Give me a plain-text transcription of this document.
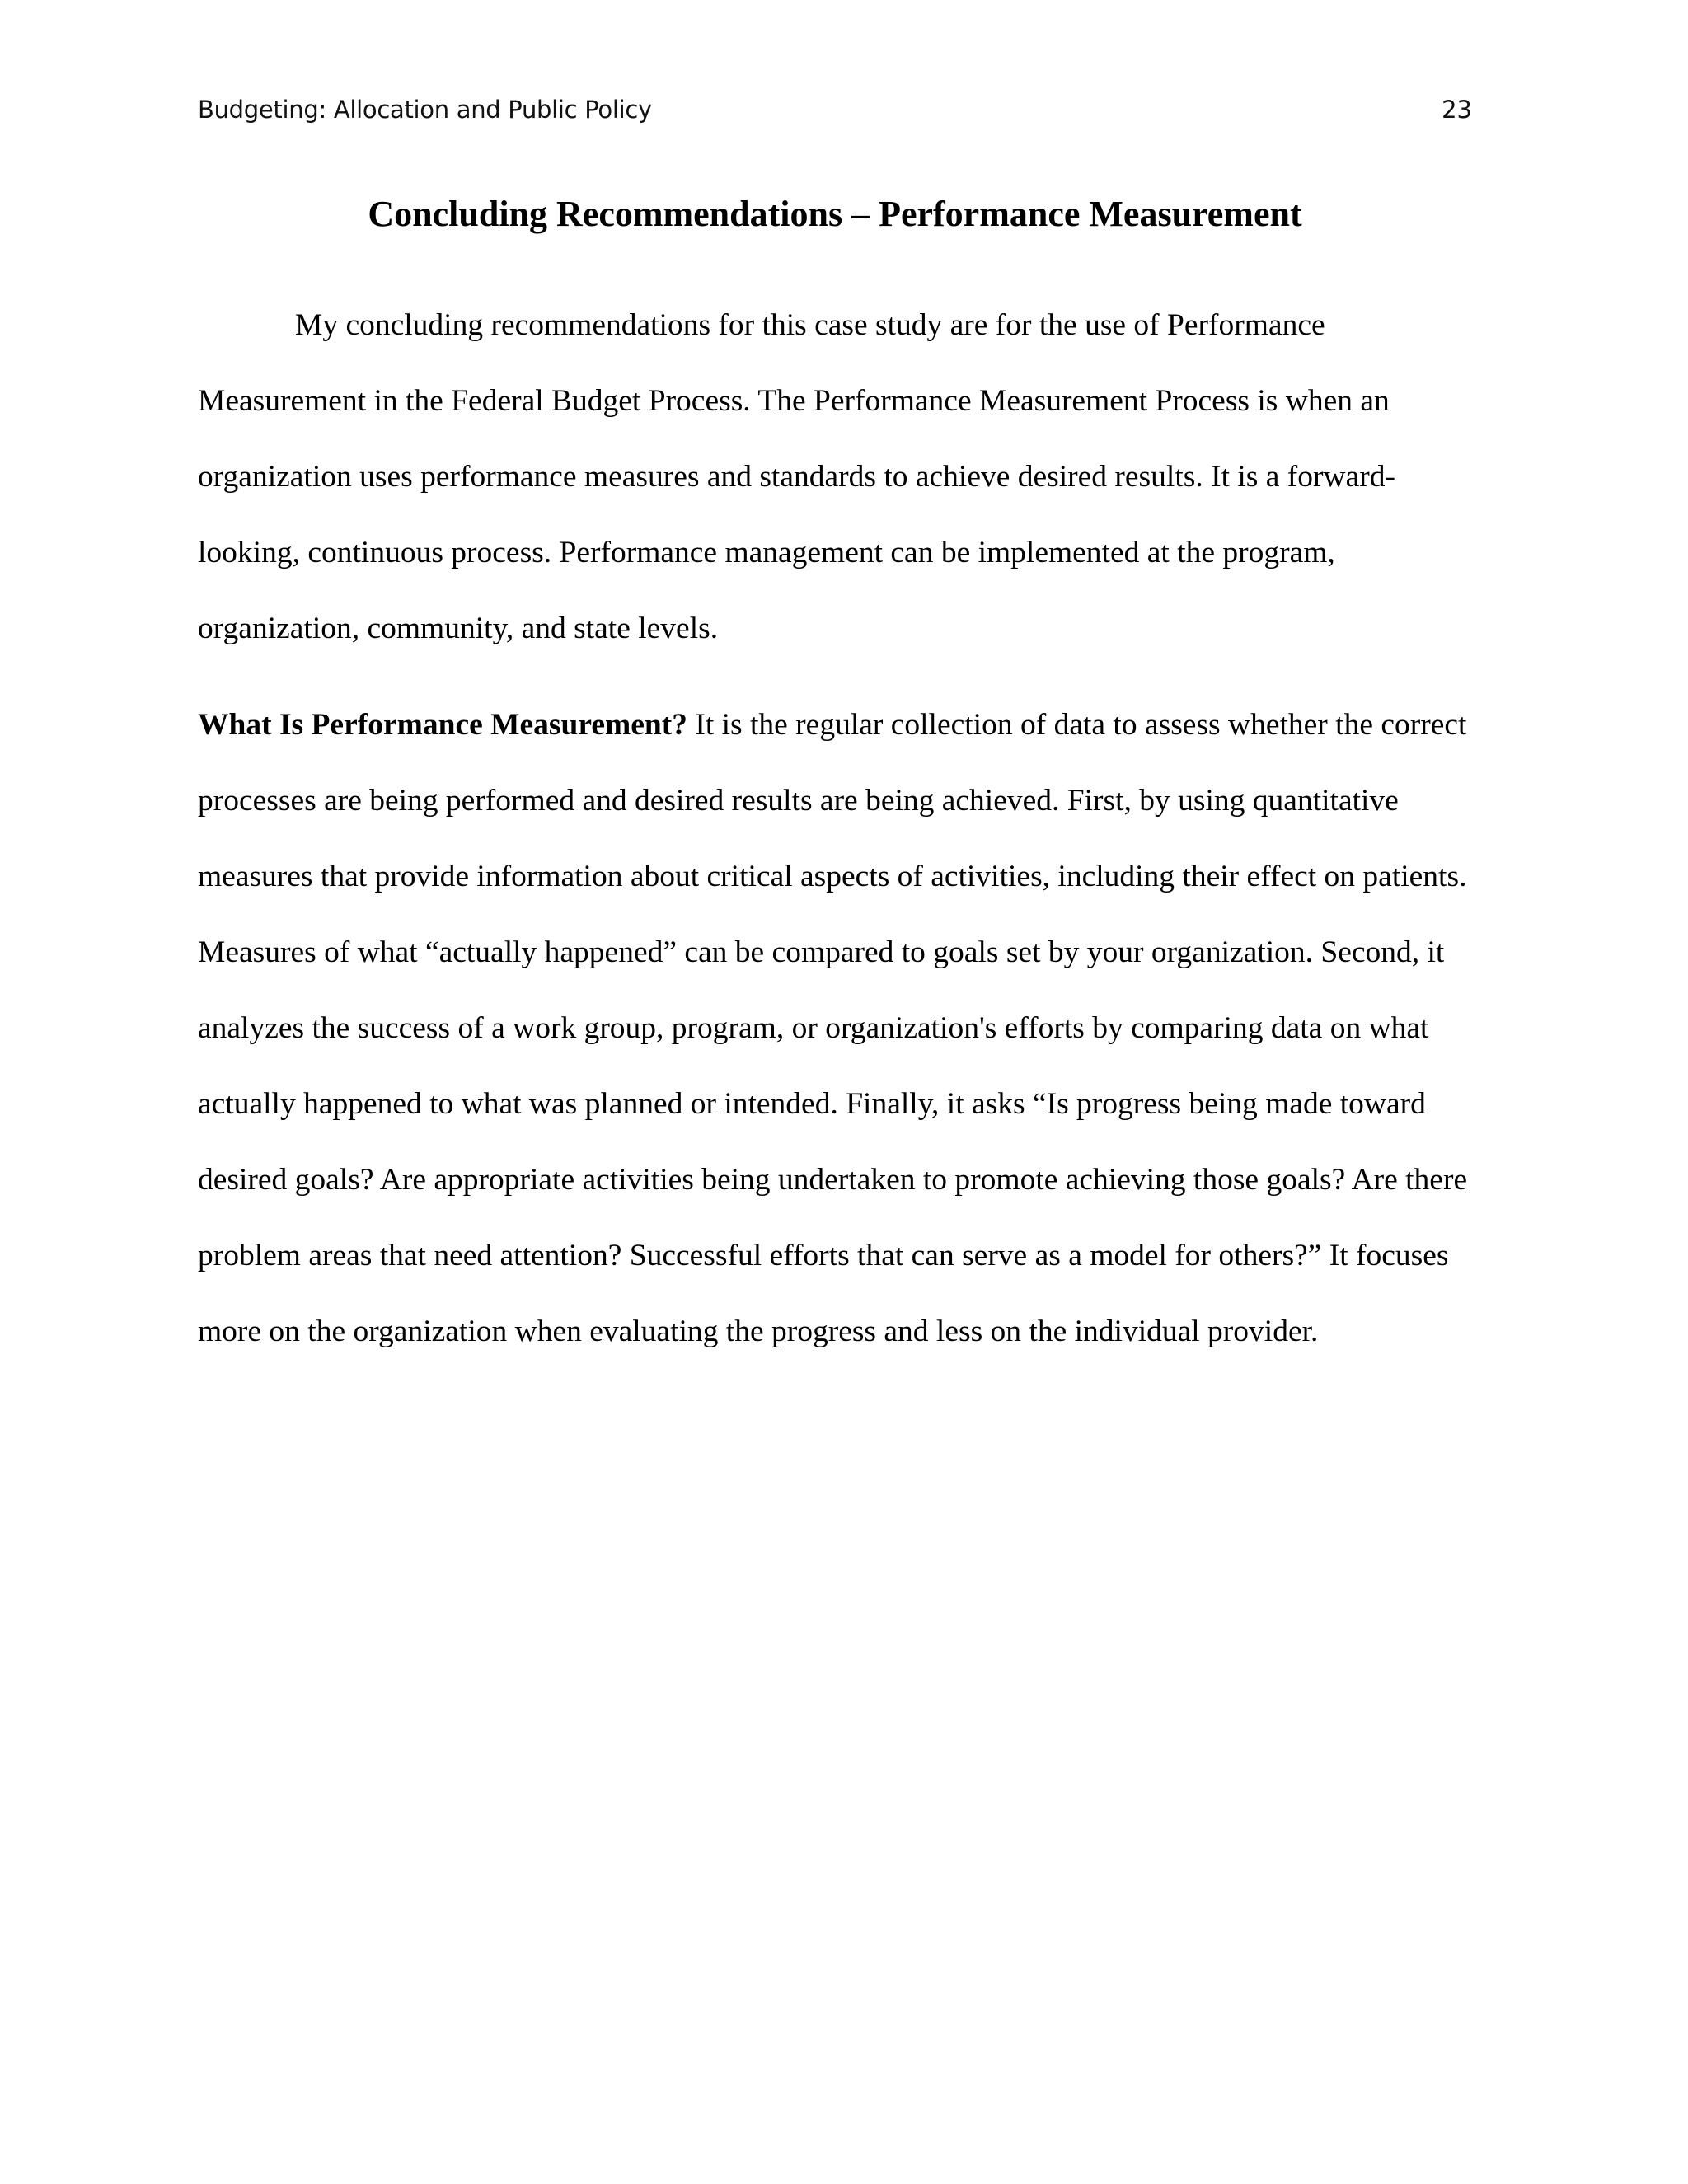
Budgeting: Allocation and Public Policy	23
Concluding Recommendations – Performance Measurement

My concluding recommendations for this case study are for the use of Performance Measurement in the Federal Budget Process. The Performance Measurement Process is when an organization uses performance measures and standards to achieve desired results. It is a forward-looking, continuous process. Performance management can be implemented at the program, organization, community, and state levels.

What Is Performance Measurement? It is the regular collection of data to assess whether the correct processes are being performed and desired results are being achieved. First, by using quantitative measures that provide information about critical aspects of activities, including their effect on patients. Measures of what “actually happened” can be compared to goals set by your organization. Second, it analyzes the success of a work group, program, or organization's efforts by comparing data on what actually happened to what was planned or intended. Finally, it asks “Is progress being made toward desired goals? Are appropriate activities being undertaken to promote achieving those goals? Are there problem areas that need attention? Successful efforts that can serve as a model for others?” It focuses more on the organization when evaluating the progress and less on the individual provider.
